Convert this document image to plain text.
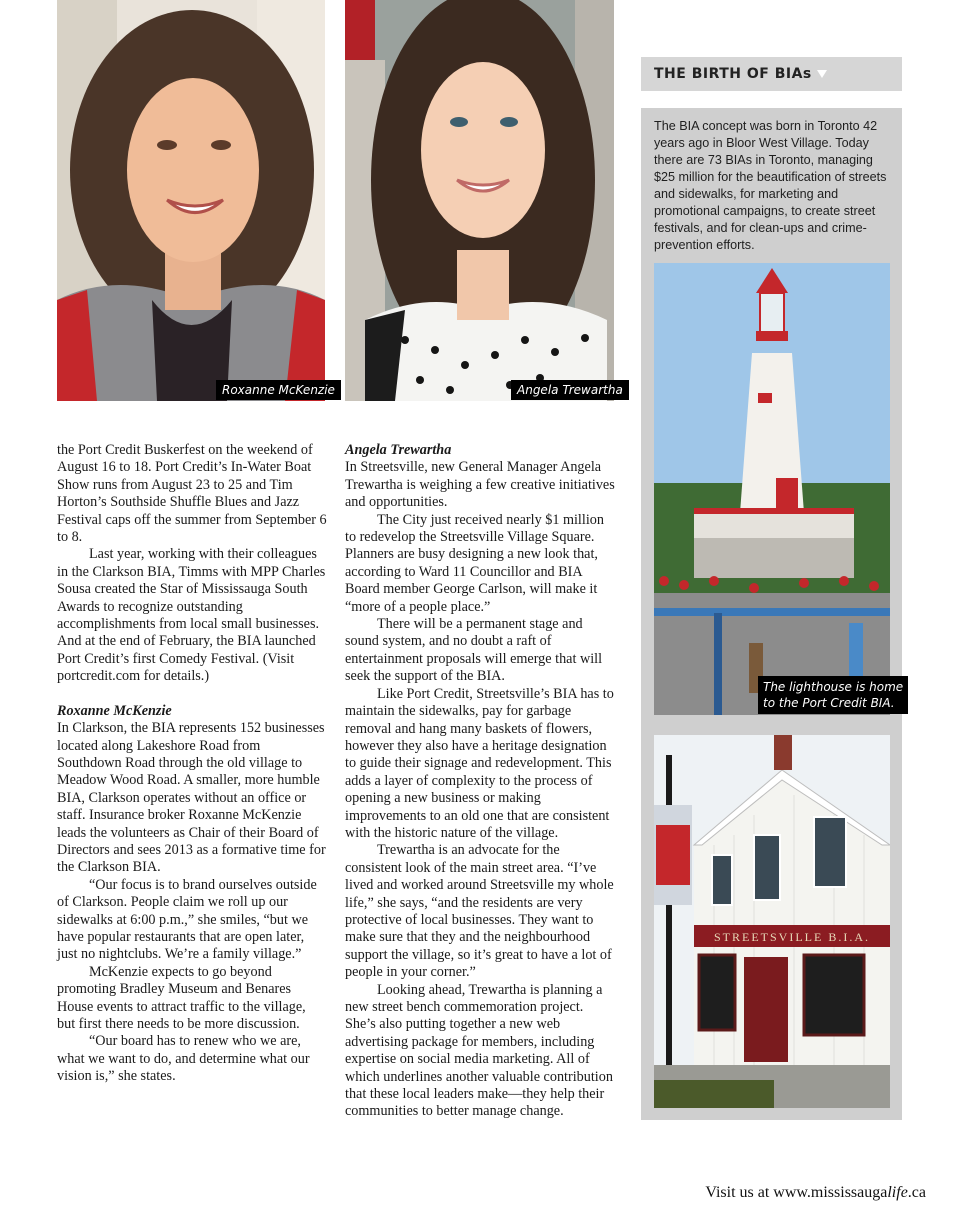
Roxanne McKenzie	Angela Trewartha

the Port Credit Buskerfest on the weekend of August 16 to 18. Port Credit’s In-Water Boat Show runs from August 23 to 25 and Tim Horton’s Southside Shuffle Blues and Jazz Festival caps off the summer from September 6 to 8.

Last year, working with their colleagues in the Clarkson BIA, Timms with MPP Charles Sousa created the Star of Mississauga South Awards to recognize outstanding accomplishments from local small businesses. And at the end of February, the BIA launched Port Credit’s first Comedy Festival. (Visit portcredit.com for details.)

Roxanne McKenzie

In Clarkson, the BIA represents 152 businesses located along Lakeshore Road from Southdown Road through the old village to Meadow Wood Road. A smaller, more humble BIA, Clarkson operates without an office or staff. Insurance broker Roxanne McKenzie leads the volunteers as Chair of their Board of Directors and sees 2013 as a formative time for the Clarkson BIA.

“Our focus is to brand ourselves outside of Clarkson. People claim we roll up our sidewalks at 6:00 p.m.,” she smiles, “but we have popular restaurants that are open later, just no nightclubs. We’re a family village.”

McKenzie expects to go beyond promoting Bradley Museum and Benares House events to attract traffic to the village, but first there needs to be more discussion.

“Our board has to renew who we are, what we want to do, and determine what our vision is,” she states.

Angela Trewartha

In Streetsville, new General Manager Angela Trewartha is weighing a few creative initiatives and opportunities.

The City just received nearly $1 million to redevelop the Streetsville Village Square. Planners are busy designing a new look that, according to Ward 11 Councillor and BIA Board member George Carlson, will make it “more of a people place.”

There will be a permanent stage and sound system, and no doubt a raft of entertainment proposals will emerge that will seek the support of the BIA.

Like Port Credit, Streetsville’s BIA has to maintain the sidewalks, pay for garbage removal and hang many baskets of flowers, however they also have a heritage designation to guide their signage and redevelopment. This adds a layer of complexity to the process of opening a new business or making improvements to an old one that are consistent with the historic nature of the village.

Trewartha is an advocate for the consistent look of the main street area. “I’ve lived and worked around Streetsville my whole life,” she says, “and the residents are very protective of local businesses. They want to make sure that they and the neighbourhood support the village, so it’s great to have a lot of people in your corner.”

Looking ahead, Trewartha is planning a new street bench commemoration project. She’s also putting together a new web advertising package for members, including expertise on social media marketing. All of which underlines another valuable contribution that these local leaders make—they help their communities to better manage change.

THE BIRTH OF BIAs
The BIA concept was born in Toronto 42 years ago in Bloor West Village. Today there are 73 BIAs in Toronto, managing $25 million for the beautification of streets and sidewalks, for marketing and promotional campaigns, to create street festivals, and for clean-ups and crime-prevention efforts.
The lighthouse is home
to the Port Credit BIA.
STREETSVILLE B.I.A.
Visit us at www.mississaugalife.ca
